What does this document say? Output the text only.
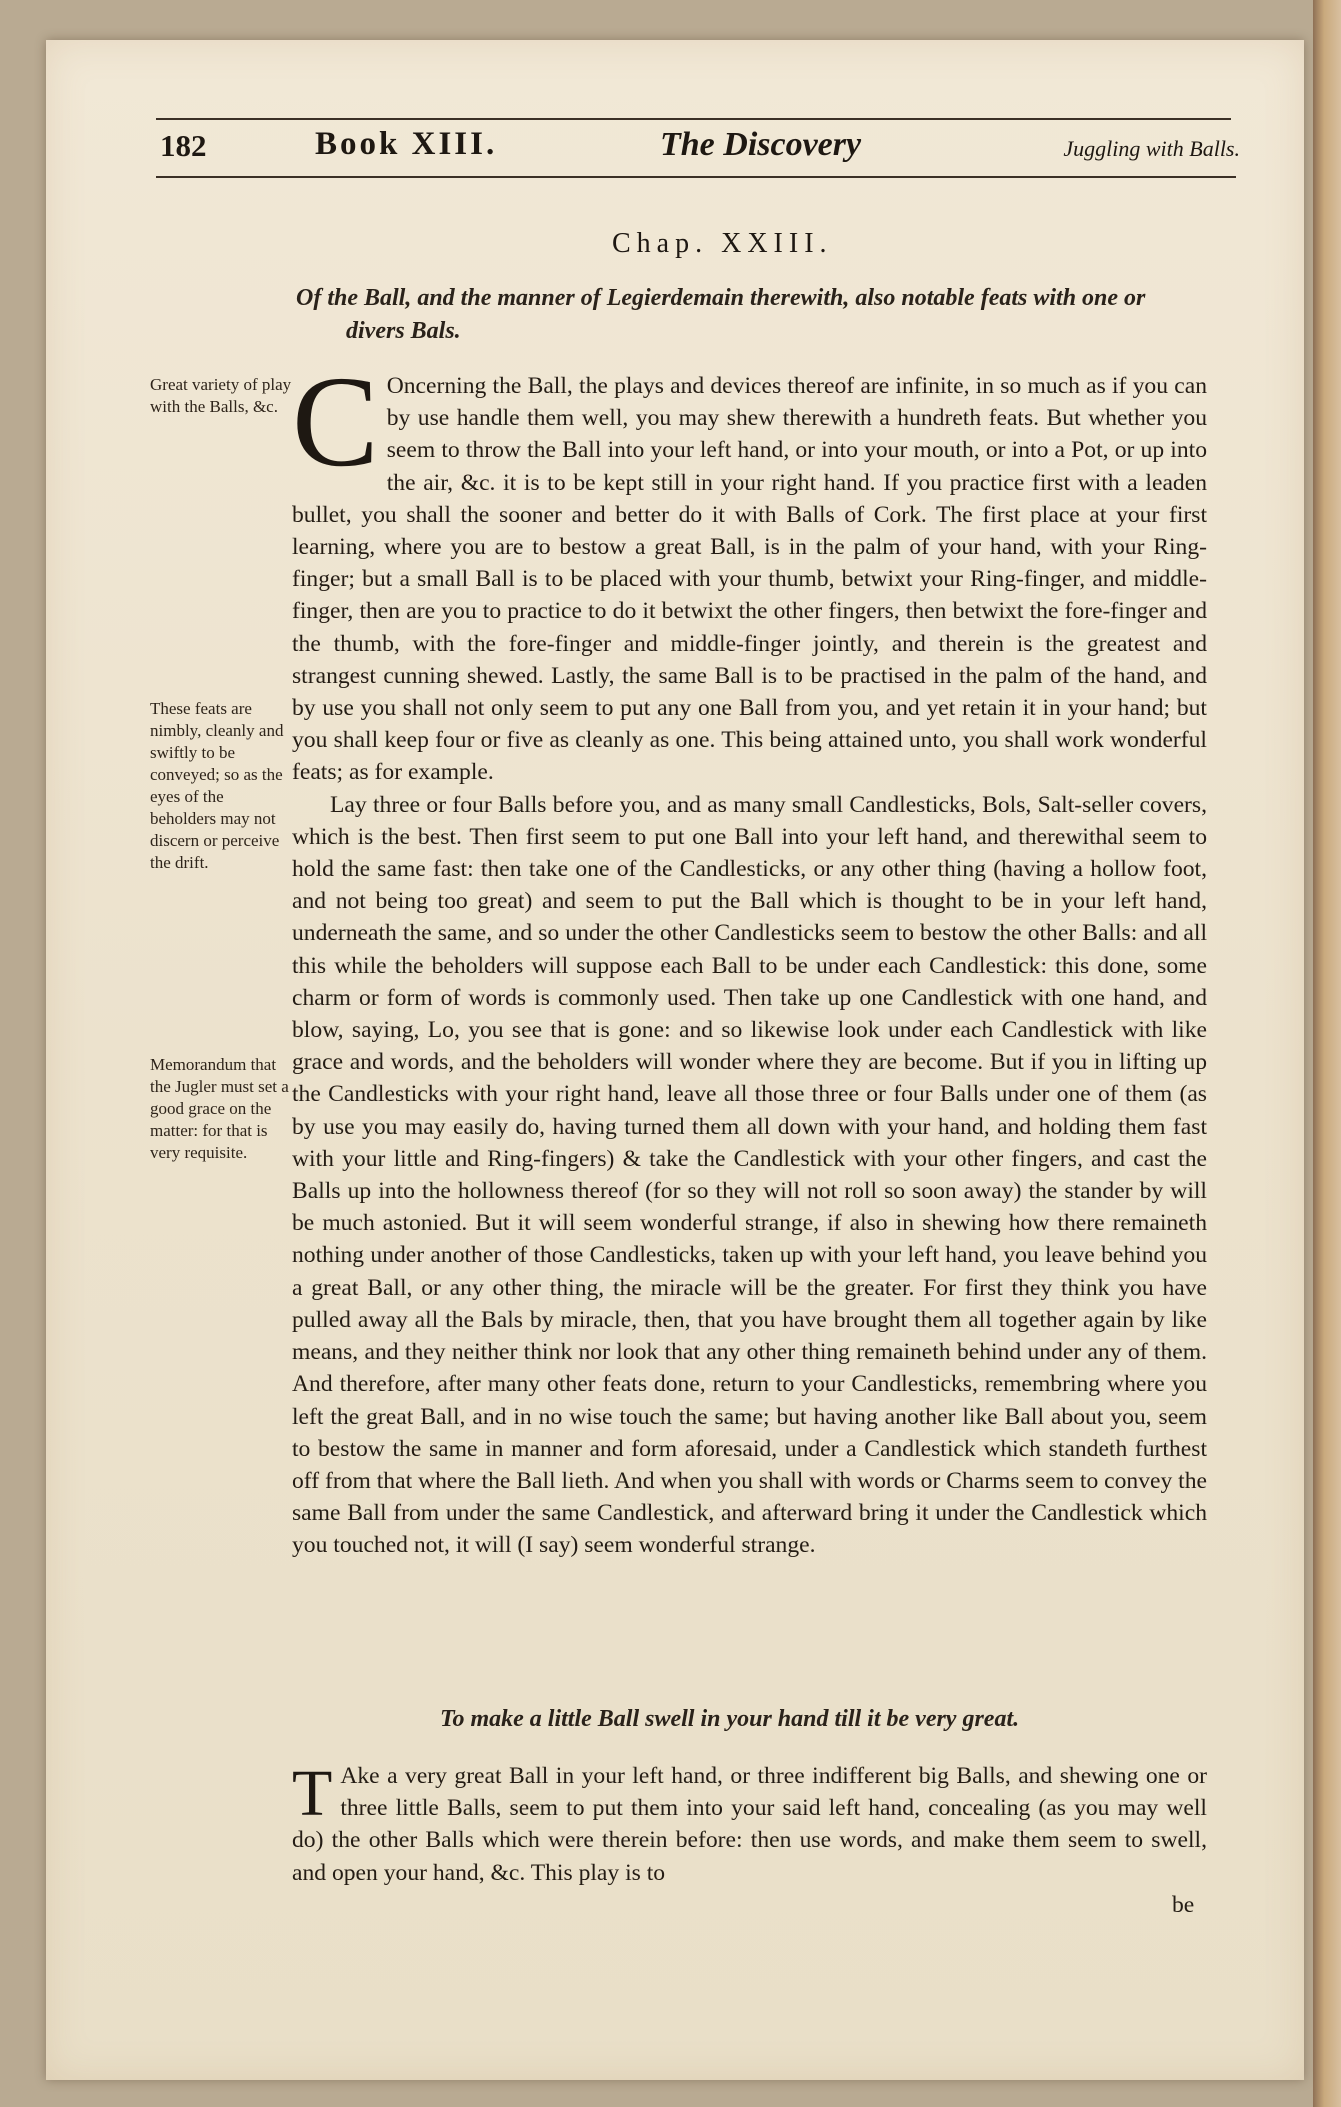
182	Book XIII.	The Discovery	Juggling with Balls.
Chap. XXIII.
Of the Ball, and the manner of Legierdemain therewith, also notable feats with one or
divers Bals.
Great variety of play with the Balls, &c.
These feats are nimbly, cleanly and swiftly to be conveyed; so as the eyes of the beholders may not discern or perceive the drift.
Memorandum that the Jugler must set a good grace on the matter: for that is very requisite.

C Oncerning the Ball, the plays and devices thereof are infinite, in so much as if you can by use handle them well, you may shew therewith a hundreth feats. But whether you seem to throw the Ball into your left hand, or into your mouth, or into a Pot, or up into the air, &c. it is to be kept still in your right hand. If you practice first with a leaden bullet, you shall the sooner and better do it with Balls of Cork. The first place at your first learning, where you are to bestow a great Ball, is in the palm of your hand, with your Ring-finger; but a small Ball is to be placed with your thumb, betwixt your Ring-finger, and middle-finger, then are you to practice to do it betwixt the other fingers, then betwixt the fore-finger and the thumb, with the fore-finger and middle-finger jointly, and therein is the greatest and strangest cunning shewed. Lastly, the same Ball is to be practised in the palm of the hand, and by use you shall not only seem to put any one Ball from you, and yet retain it in your hand; but you shall keep four or five as cleanly as one. This being attained unto, you shall work wonderful feats; as for example.

Lay three or four Balls before you, and as many small Candlesticks, Bols, Salt-seller covers, which is the best. Then first seem to put one Ball into your left hand, and therewithal seem to hold the same fast: then take one of the Candlesticks, or any other thing (having a hollow foot, and not being too great) and seem to put the Ball which is thought to be in your left hand, underneath the same, and so under the other Candlesticks seem to bestow the other Balls: and all this while the beholders will suppose each Ball to be under each Candlestick: this done, some charm or form of words is commonly used. Then take up one Candlestick with one hand, and blow, saying, Lo, you see that is gone: and so likewise look under each Candlestick with like grace and words, and the beholders will wonder where they are become. But if you in lifting up the Candlesticks with your right hand, leave all those three or four Balls under one of them (as by use you may easily do, having turned them all down with your hand, and holding them fast with your little and Ring-fingers) & take the Candlestick with your other fingers, and cast the Balls up into the hollowness thereof (for so they will not roll so soon away) the stander by will be much astonied. But it will seem wonderful strange, if also in shewing how there remaineth nothing under another of those Candlesticks, taken up with your left hand, you leave behind you a great Ball, or any other thing, the miracle will be the greater. For first they think you have pulled away all the Bals by miracle, then, that you have brought them all together again by like means, and they neither think nor look that any other thing remaineth behind under any of them. And therefore, after many other feats done, return to your Candlesticks, remembring where you left the great Ball, and in no wise touch the same; but having another like Ball about you, seem to bestow the same in manner and form aforesaid, under a Candlestick which standeth furthest off from that where the Ball lieth. And when you shall with words or Charms seem to convey the same Ball from under the same Candlestick, and afterward bring it under the Candlestick which you touched not, it will (I say) seem wonderful strange.

To make a little Ball swell in your hand till it be very great.

T Ake a very great Ball in your left hand, or three indifferent big Balls, and shewing one or three little Balls, seem to put them into your said left hand, concealing (as you may well do) the other Balls which were therein before: then use words, and make them seem to swell, and open your hand, &c. This play is to

be
